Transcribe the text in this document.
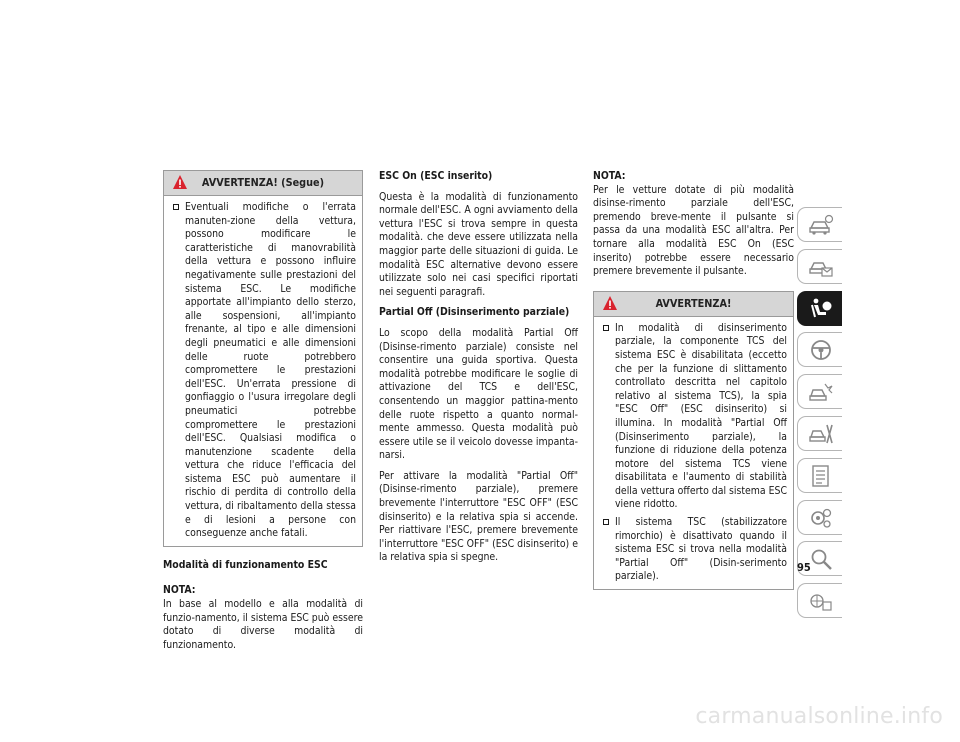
AVVERTENZA! (Segue)
Eventuali modifiche o l'errata manuten-zione della vettura, possono modificare le caratteristiche di manovrabilità della vettura e possono influire negativamente sulle prestazioni del sistema ESC. Le modifiche apportate all'impianto dello sterzo, alle sospensioni, all'impianto frenante, al tipo e alle dimensioni degli pneumatici e alle dimensioni delle ruote potrebbero compromettere le prestazioni dell'ESC. Un'errata pressione di gonfiaggio o l'usura irregolare degli pneumatici potrebbe compromettere le prestazioni dell'ESC. Qualsiasi modifica o manutenzione scadente della vettura che riduce l'efficacia del sistema ESC può aumentare il rischio di perdita di controllo della vettura, di ribaltamento della stessa e di lesioni a persone con conseguenze anche fatali.

Modalità di funzionamento ESC

NOTA:

In base al modello e alla modalità di funzio-namento, il sistema ESC può essere dotato di diverse modalità di funzionamento.

ESC On (ESC inserito)

Questa è la modalità di funzionamento normale dell'ESC. A ogni avviamento della vettura l'ESC si trova sempre in questa modalità. che deve essere utilizzata nella maggior parte delle situazioni di guida. Le modalità ESC alternative devono essere utilizzate solo nei casi specifici riportati nei seguenti paragrafi.

Partial Off (Disinserimento parziale)

Lo scopo della modalità Partial Off (Disinse-rimento parziale) consiste nel consentire una guida sportiva. Questa modalità potrebbe modificare le soglie di attivazione del TCS e dell'ESC, consentendo un maggior pattina-mento delle ruote rispetto a quanto normal-mente ammesso. Questa modalità può essere utile se il veicolo dovesse impanta-narsi.

Per attivare la modalità "Partial Off" (Disinse-rimento parziale), premere brevemente l'interruttore "ESC OFF" (ESC disinserito) e la relativa spia si accende. Per riattivare l'ESC, premere brevemente l'interruttore "ESC OFF" (ESC disinserito) e la relativa spia si spegne.

NOTA:

Per le vetture dotate di più modalità disinse-rimento parziale dell'ESC, premendo breve-mente il pulsante si passa da una modalità ESC all'altra. Per tornare alla modalità ESC On (ESC inserito) potrebbe essere necessario premere brevemente il pulsante.

AVVERTENZA!
In modalità di disinserimento parziale, la componente TCS del sistema ESC è disabilitata (eccetto che per la funzione di slittamento controllato descritta nel capitolo relativo al sistema TCS), la spia "ESC Off" (ESC disinserito) si illumina. In modalità "Partial Off (Disinserimento parziale), la funzione di riduzione della potenza motore del sistema TCS viene disabilitata e l'aumento di stabilità della vettura offerto dal sistema ESC viene ridotto.
Il sistema TSC (stabilizzatore rimorchio) è disattivato quando il sistema ESC si trova nella modalità "Partial Off" (Disin-serimento parziale).
95
carmanualsonline.info
